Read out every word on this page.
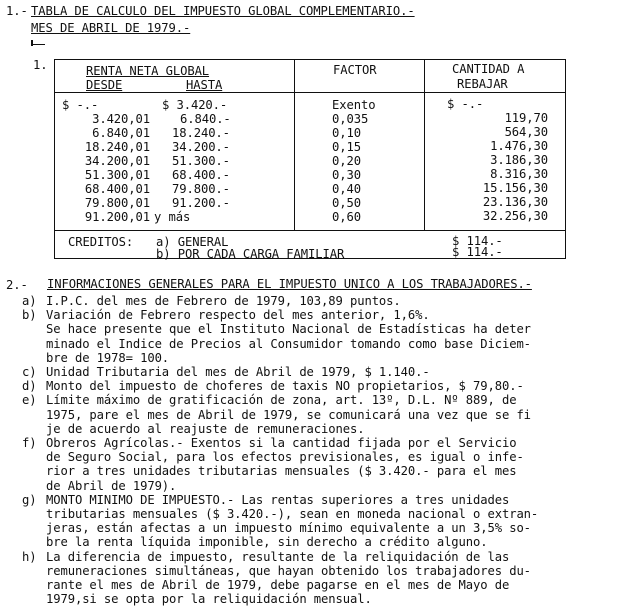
1.- TABLA DE CALCULO DEL IMPUESTO GLOBAL COMPLEMENTARIO.-
MES DE ABRIL DE 1979.-
1.	RENTA NETA GLOBAL
DESDE	HASTA
FACTOR	CANTIDAD A
REBAJAR
$ -.-	$ 3.420.-	Exento	$ -.-
3.420,01 6.840.-	0,035	119,70
6.840,01 18.240.-	0,10	564,30
18.240,01 34.200.-	0,15	1.476,30
34.200,01 51.300.-	0,20	3.186,30
51.300,01 68.400.-	0,30	8.316,30
68.400,01 79.800.-	0,40	15.156,30
79.800,01 91.200.-	0,50	23.136,30
91.200,01 y más	0,60	32.256,30
CREDITOS: a) GENERAL	$ 114.-
b) POR CADA CARGA FAMILIAR	$ 114.-
2.- INFORMACIONES GENERALES PARA EL IMPUESTO UNICO A LOS TRABAJADORES.-
a) I.P.C. del mes de Febrero de 1979, 103,89 puntos.
b) Variación de Febrero respecto del mes anterior, 1,6%.
Se hace presente que el Instituto Nacional de Estadísticas ha deter
minado el Indice de Precios al Consumidor tomando como base Diciem-
bre de 1978= 100.
c) Unidad Tributaria del mes de Abril de 1979, $ 1.140.-
d) Monto del impuesto de choferes de taxis NO propietarios, $ 79,80.-
e) Límite máximo de gratificación de zona, art. 13º, D.L. Nº 889, de
1975, pare el mes de Abril de 1979, se comunicará una vez que se fi
je de acuerdo al reajuste de remuneraciones.
f) Obreros Agrícolas.- Exentos si la cantidad fijada por el Servicio
de Seguro Social, para los efectos previsionales, es igual o infe-
rior a tres unidades tributarias mensuales ($ 3.420.- para el mes
de Abril de 1979).
g) MONTO MINIMO DE IMPUESTO.- Las rentas superiores a tres unidades
tributarias mensuales ($ 3.420.-), sean en moneda nacional o extran-
jeras, están afectas a un impuesto mínimo equivalente a un 3,5% so-
bre la renta líquida imponible, sin derecho a crédito alguno.
h) La diferencia de impuesto, resultante de la reliquidación de las
remuneraciones simultáneas, que hayan obtenido los trabajadores du-
rante el mes de Abril de 1979, debe pagarse en el mes de Mayo de
1979,si se opta por la reliquidación mensual.
